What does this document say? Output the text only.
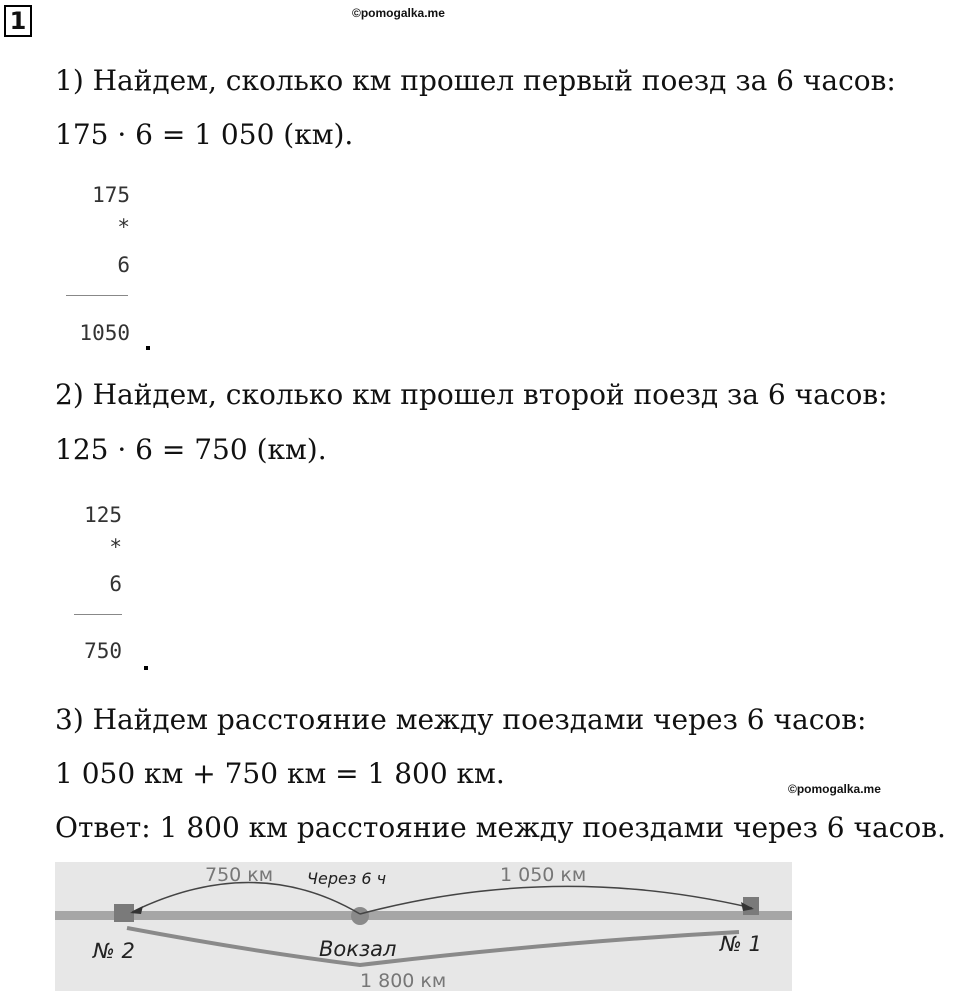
1	©pomogalka.me
1) Найдем, сколько км прошел первый поезд за 6 часов:
175 · 6 = 1 050 (км).
175
*
6
1050
2) Найдем, сколько км прошел второй поезд за 6 часов:
125 · 6 = 750 (км).
125
*
6
750
3) Найдем расстояние между поездами через 6 часов:
1 050 км + 750 км = 1 800 км.	©pomogalka.me
Ответ: 1 800 км расстояние между поездами через 6 часов.
750 км Через 6 ч	1 050 км
№ 2	Вокзал	№ 1
1 800 км
